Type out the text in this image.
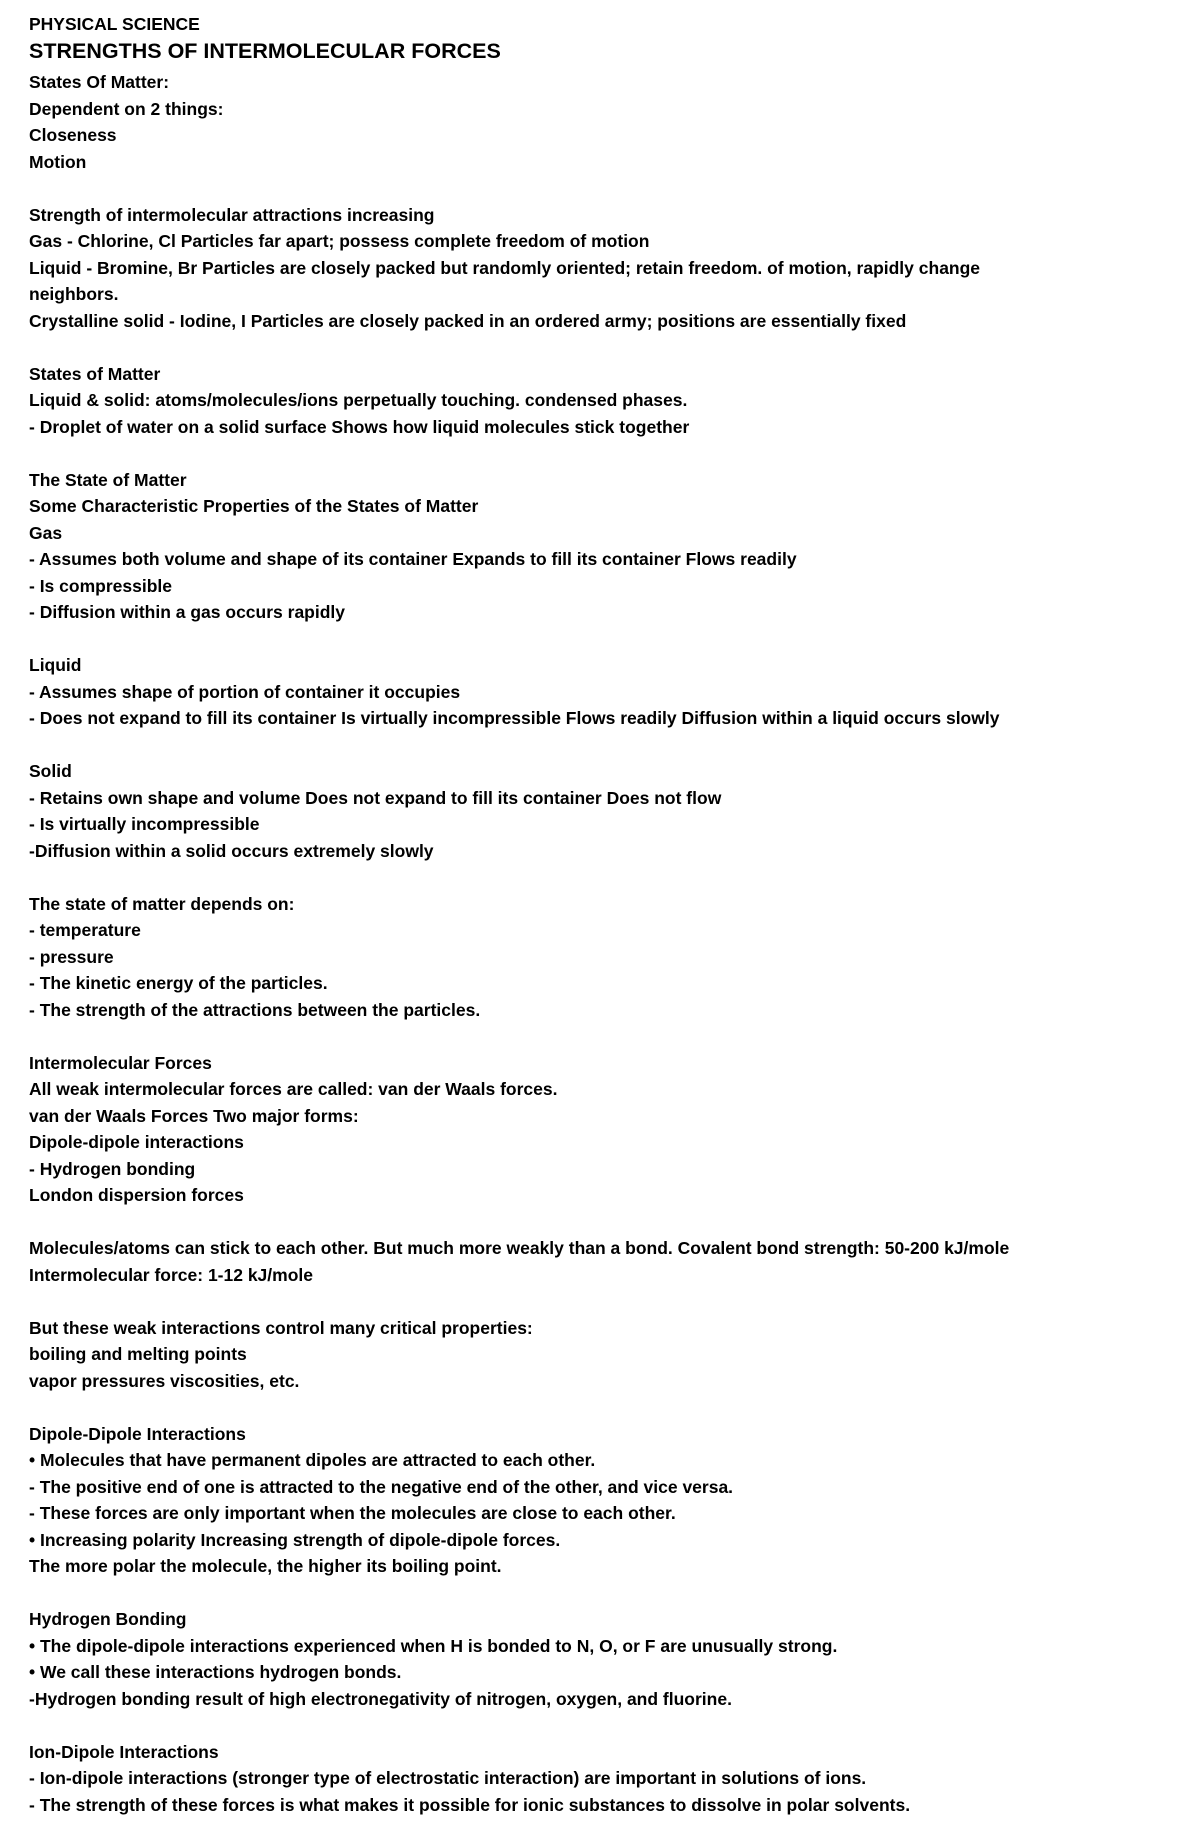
PHYSICAL SCIENCE
STRENGTHS OF INTERMOLECULAR FORCES
States Of Matter:
Dependent on 2 things:
Closeness
Motion
Strength of intermolecular attractions increasing
Gas - Chlorine, Cl Particles far apart; possess complete freedom of motion
Liquid - Bromine, Br Particles are closely packed but randomly oriented; retain freedom. of motion, rapidly change
neighbors.
Crystalline solid - Iodine, I Particles are closely packed in an ordered army; positions are essentially fixed
States of Matter
Liquid & solid: atoms/molecules/ions perpetually touching. condensed phases.
- Droplet of water on a solid surface Shows how liquid molecules stick together
The State of Matter
Some Characteristic Properties of the States of Matter
Gas
- Assumes both volume and shape of its container Expands to fill its container Flows readily
- Is compressible
- Diffusion within a gas occurs rapidly
Liquid
- Assumes shape of portion of container it occupies
- Does not expand to fill its container Is virtually incompressible Flows readily Diffusion within a liquid occurs slowly
Solid
- Retains own shape and volume Does not expand to fill its container Does not flow
- Is virtually incompressible
-Diffusion within a solid occurs extremely slowly
The state of matter depends on:
- temperature
- pressure
- The kinetic energy of the particles.
- The strength of the attractions between the particles.
Intermolecular Forces
All weak intermolecular forces are called: van der Waals forces.
van der Waals Forces Two major forms:
Dipole-dipole interactions
- Hydrogen bonding
London dispersion forces
Molecules/atoms can stick to each other. But much more weakly than a bond. Covalent bond strength: 50-200 kJ/mole
Intermolecular force: 1-12 kJ/mole
But these weak interactions control many critical properties:
boiling and melting points
vapor pressures viscosities, etc.
Dipole-Dipole Interactions
• Molecules that have permanent dipoles are attracted to each other.
- The positive end of one is attracted to the negative end of the other, and vice versa.
- These forces are only important when the molecules are close to each other.
• Increasing polarity Increasing strength of dipole-dipole forces.
The more polar the molecule, the higher its boiling point.
Hydrogen Bonding
• The dipole-dipole interactions experienced when H is bonded to N, O, or F are unusually strong.
• We call these interactions hydrogen bonds.
-Hydrogen bonding result of high electronegativity of nitrogen, oxygen, and fluorine.
Ion-Dipole Interactions
- Ion-dipole interactions (stronger type of electrostatic interaction) are important in solutions of ions.
- The strength of these forces is what makes it possible for ionic substances to dissolve in polar solvents.
